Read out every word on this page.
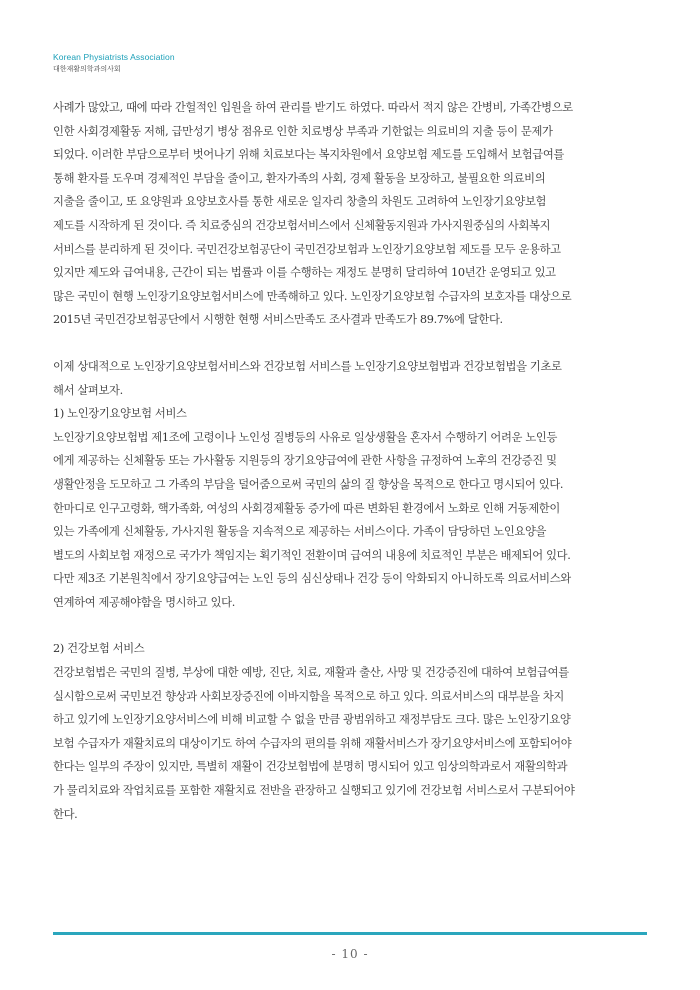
Korean Physiatrists Association
대한재활의학과의사회
사례가 많았고, 때에 따라 간헐적인 입원을 하여 관리를 받기도 하였다. 따라서 적지 않은 간병비, 가족간병으로
인한 사회경제활동 저해, 급만성기 병상 점유로 인한 치료병상 부족과 기한없는 의료비의 지출 등이 문제가
되었다. 이러한 부담으로부터 벗어나기 위해 치료보다는 복지차원에서 요양보험 제도를 도입해서 보험급여를
통해 환자를 도우며 경제적인 부담을 줄이고, 환자가족의 사회, 경제 활동을 보장하고, 불필요한 의료비의
지출을 줄이고, 또 요양원과 요양보호사를 통한 새로운 일자리 창출의 차원도 고려하여 노인장기요양보험
제도를 시작하게 된 것이다. 즉 치료중심의 건강보험서비스에서 신체활동지원과 가사지원중심의 사회복지
서비스를 분리하게 된 것이다. 국민건강보험공단이 국민건강보험과 노인장기요양보험 제도를 모두 운용하고
있지만 제도와 급여내용, 근간이 되는 법률과 이를 수행하는 재정도 분명히 달리하여 10년간 운영되고 있고
많은 국민이 현행 노인장기요양보험서비스에 만족해하고 있다. 노인장기요양보험 수급자의 보호자를 대상으로
2015년 국민건강보험공단에서 시행한 현행 서비스만족도 조사결과 만족도가 89.7%에 달한다.
이제 상대적으로 노인장기요양보험서비스와 건강보험 서비스를 노인장기요양보험법과 건강보험법을 기초로
해서 살펴보자.
1) 노인장기요양보험 서비스
노인장기요양보험법 제1조에 고령이나 노인성 질병등의 사유로 일상생활을 혼자서 수행하기 어려운 노인등
에게 제공하는 신체활동 또는 가사활동 지원등의 장기요양급여에 관한 사항을 규정하여 노후의 건강증진 및
생활안정을 도모하고 그 가족의 부담을 덜어줌으로써 국민의 삶의 질 향상을 목적으로 한다고 명시되어 있다.
한마디로 인구고령화, 핵가족화, 여성의 사회경제활동 증가에 따른 변화된 환경에서 노화로 인해 거동제한이
있는 가족에게 신체활동, 가사지원 활동을 지속적으로 제공하는 서비스이다. 가족이 담당하던 노인요양을
별도의 사회보험 재정으로 국가가 책임지는 획기적인 전환이며 급여의 내용에 치료적인 부분은 배제되어 있다.
다만 제3조 기본원칙에서 장기요양급여는 노인 등의 심신상태나 건강 등이 악화되지 아니하도록 의료서비스와
연계하여 제공해야함을 명시하고 있다.
2) 건강보험 서비스
건강보험법은 국민의 질병, 부상에 대한 예방, 진단, 치료, 재활과 출산, 사망 및 건강증진에 대하여 보험급여를
실시함으로써 국민보건 향상과 사회보장증진에 이바지함을 목적으로 하고 있다. 의료서비스의 대부분을 차지
하고 있기에 노인장기요양서비스에 비해 비교할 수 없을 만큼 광범위하고 재정부담도 크다. 많은 노인장기요양
보험 수급자가 재활치료의 대상이기도 하여 수급자의 편의를 위해 재활서비스가 장기요양서비스에 포함되어야
한다는 일부의 주장이 있지만, 특별히 재활이 건강보험법에 분명히 명시되어 있고 임상의학과로서 재활의학과
가 물리치료와 작업치료를 포함한 재활치료 전반을 관장하고 실행되고 있기에 건강보험 서비스로서 구분되어야
한다.
- 10 -
